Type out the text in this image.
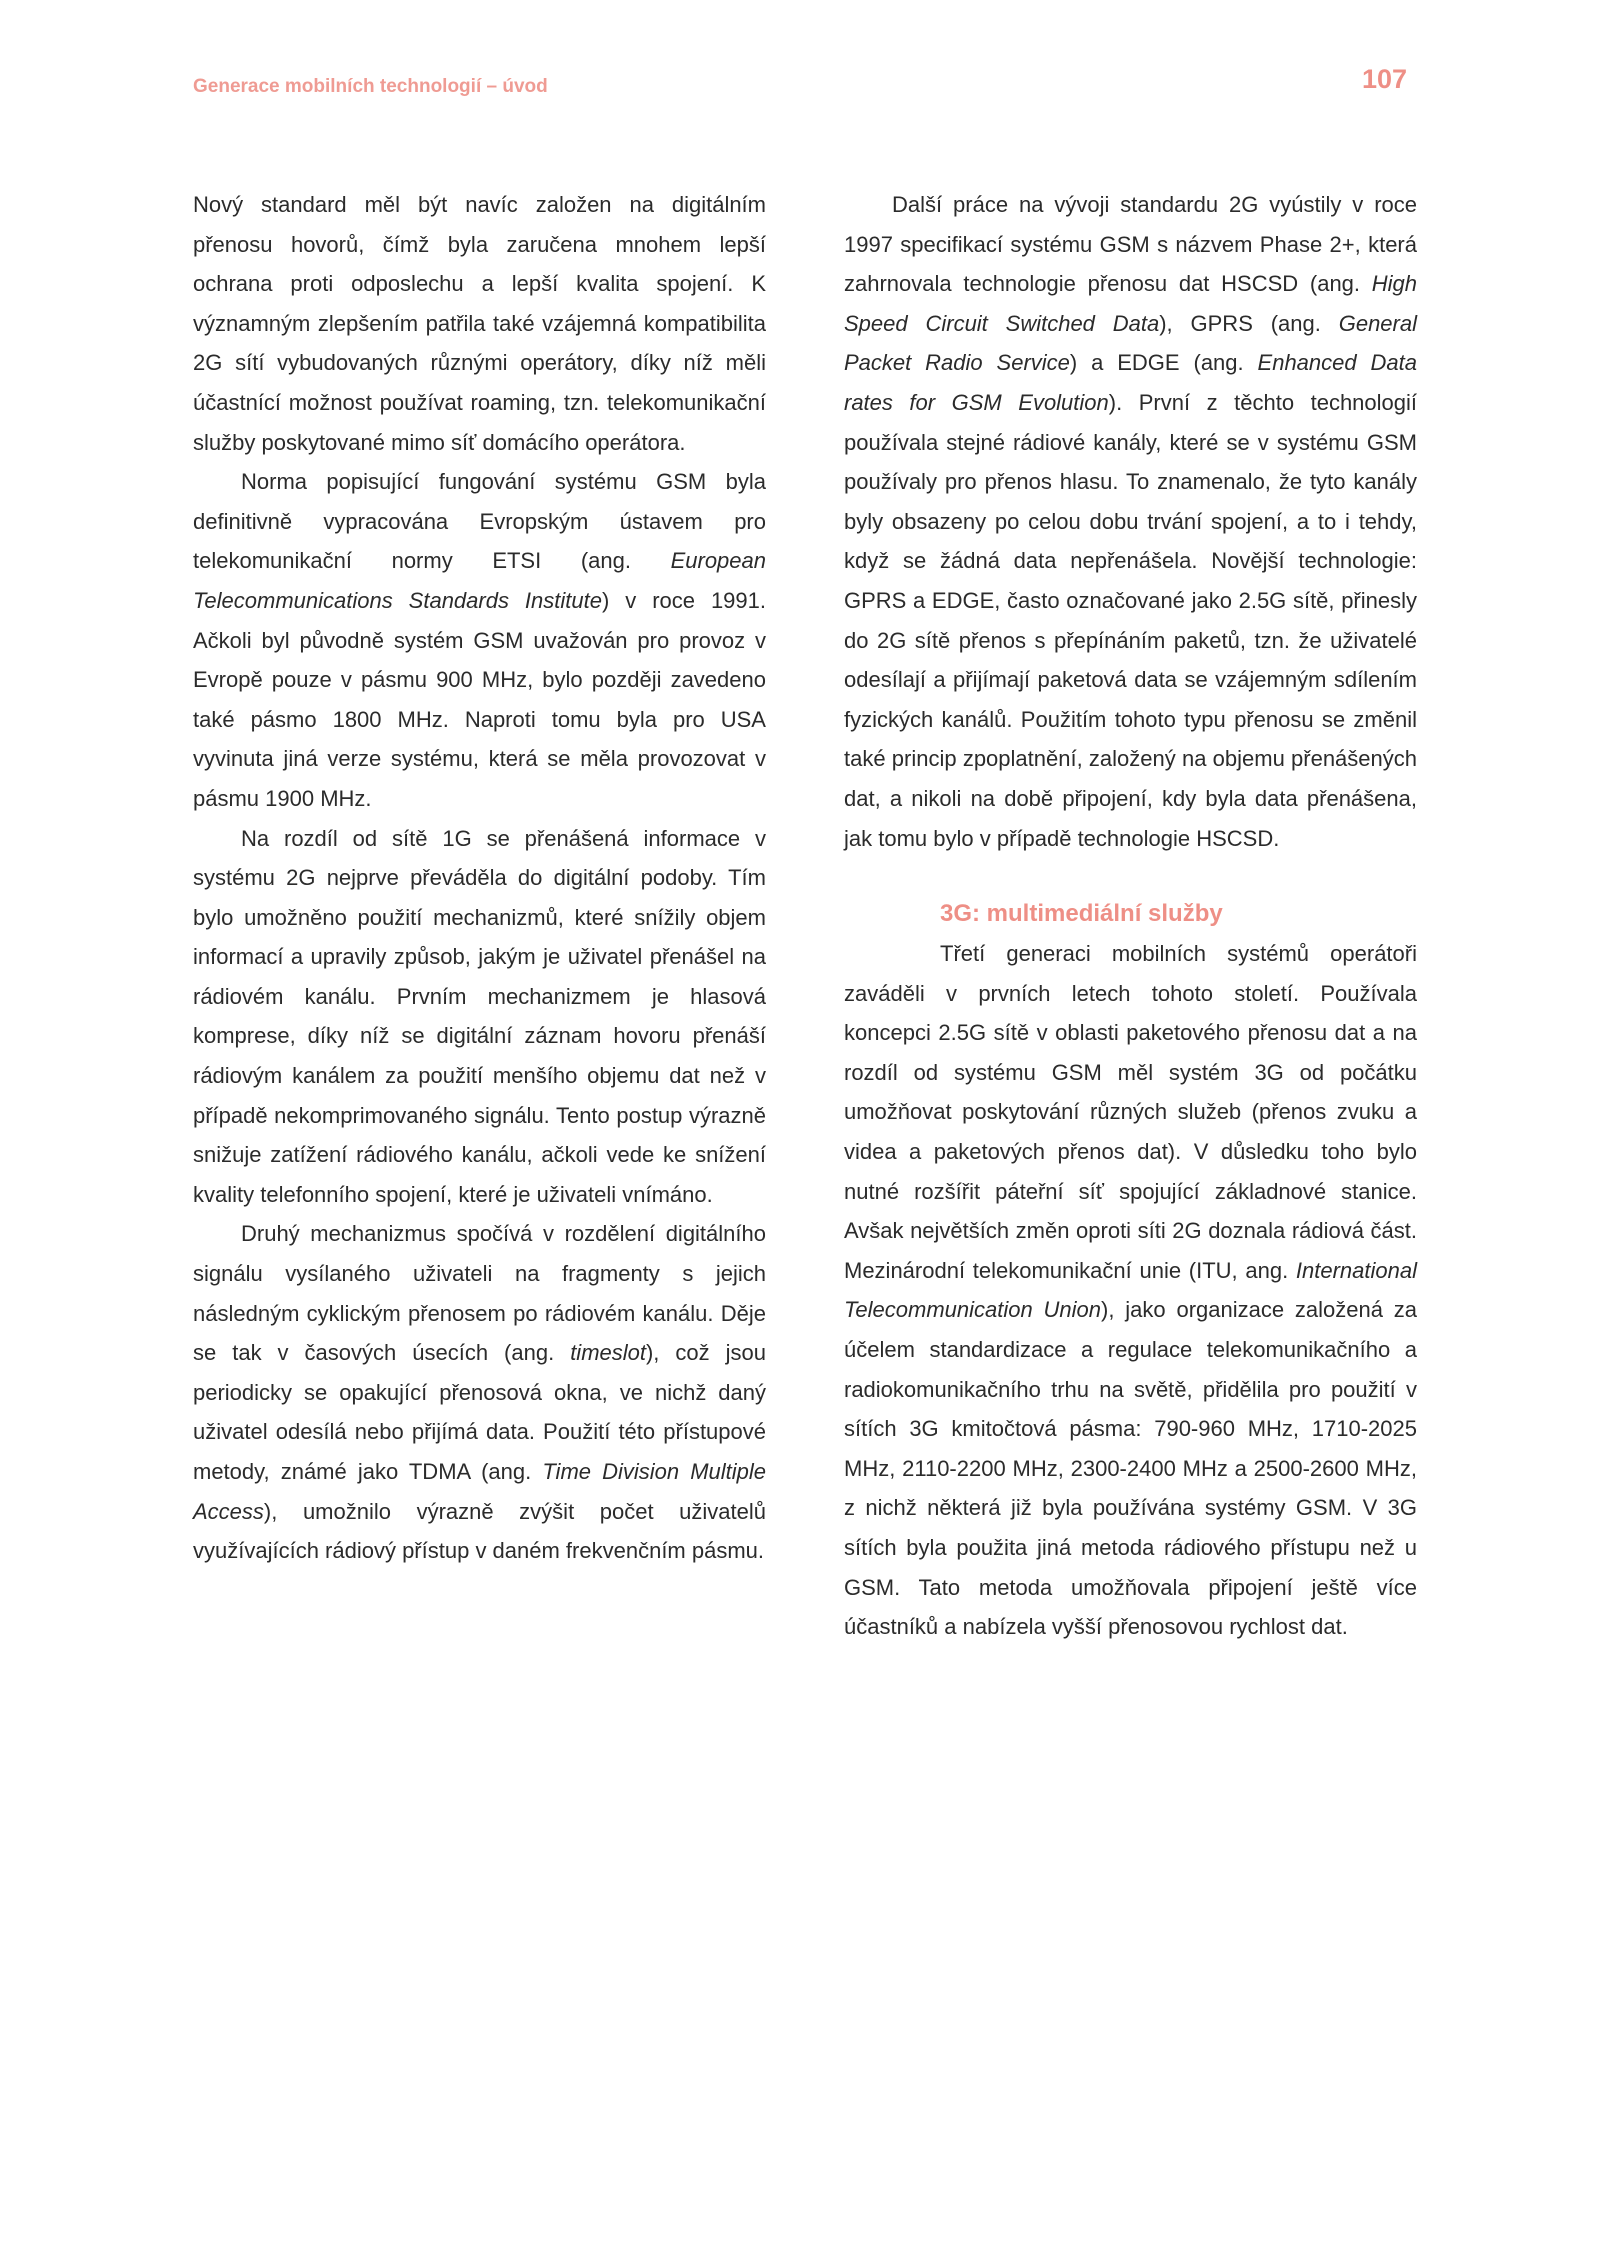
Generace mobilních technologií – úvod	107

Nový standard měl být navíc založen na digitálním přenosu hovorů, čímž byla zaručena mnohem lepší ochrana proti odposlechu a lepší kvalita spojení. K významným zlepšením patřila také vzájemná kompatibilita 2G sítí vybudovaných různými operátory, díky níž měli účastnící možnost používat roaming, tzn. telekomunikační služby poskytované mimo síť domácího operátora.

Norma popisující fungování systému GSM byla definitivně vypracována Evropským ústavem pro telekomunikační normy ETSI (ang. European Telecommunications Standards Institute) v roce 1991. Ačkoli byl původně systém GSM uvažován pro provoz v Evropě pouze v pásmu 900 MHz, bylo později zavedeno také pásmo 1800 MHz. Naproti tomu byla pro USA vyvinuta jiná verze systému, která se měla provozovat v pásmu 1900 MHz.

Na rozdíl od sítě 1G se přenášená informace v systému 2G nejprve převáděla do digitální podoby. Tím bylo umožněno použití mechanizmů, které snížily objem informací a upravily způsob, jakým je uživatel přenášel na rádiovém kanálu. Prvním mechanizmem je hlasová komprese, díky níž se digitální záznam hovoru přenáší rádiovým kanálem za použití menšího objemu dat než v případě nekomprimovaného signálu. Tento postup výrazně snižuje zatížení rádiového kanálu, ačkoli vede ke snížení kvality telefonního spojení, které je uživateli vnímáno.

Druhý mechanizmus spočívá v rozdělení digitálního signálu vysílaného uživateli na fragmenty s jejich následným cyklickým přenosem po rádiovém kanálu. Děje se tak v časových úsecích (ang. timeslot), což jsou periodicky se opakující přenosová okna, ve nichž daný uživatel odesílá nebo přijímá data. Použití této přístupové metody, známé jako TDMA (ang. Time Division Multiple Access), umožnilo výrazně zvýšit počet uživatelů využívajících rádiový přístup v daném frekvenčním pásmu.

Další práce na vývoji standardu 2G vyústily v roce 1997 specifikací systému GSM s názvem Phase 2+, která zahrnovala technologie přenosu dat HSCSD (ang. High Speed Circuit Switched Data), GPRS (ang. General Packet Radio Service) a EDGE (ang. Enhanced Data rates for GSM Evolution). První z těchto technologií používala stejné rádiové kanály, které se v systému GSM používaly pro přenos hlasu. To znamenalo, že tyto kanály byly obsazeny po celou dobu trvání spojení, a to i tehdy, když se žádná data nepřenášela. Novější technologie: GPRS a EDGE, často označované jako 2.5G sítě, přinesly do 2G sítě přenos s přepínáním paketů, tzn. že uživatelé odesílají a přijímají paketová data se vzájemným sdílením fyzických kanálů. Použitím tohoto typu přenosu se změnil také princip zpoplatnění, založený na objemu přenášených dat, a nikoli na době připojení, kdy byla data přenášena, jak tomu bylo v případě technologie HSCSD.

3G: multimediální služby

Třetí generaci mobilních systémů operátoři zaváděli v prvních letech tohoto století. Používala koncepci 2.5G sítě v oblasti paketového přenosu dat a na rozdíl od systému GSM měl systém 3G od počátku umožňovat poskytování různých služeb (přenos zvuku a videa a paketových přenos dat). V důsledku toho bylo nutné rozšířit páteřní síť spojující základnové stanice. Avšak největších změn oproti síti 2G doznala rádiová část. Mezinárodní telekomunikační unie (ITU, ang. International Telecommunication Union), jako organizace založená za účelem standardizace a regulace telekomunikačního a radiokomunikačního trhu na světě, přidělila pro použití v sítích 3G kmitočtová pásma: 790-960 MHz, 1710-2025 MHz, 2110-2200 MHz, 2300-2400 MHz a 2500-2600 MHz, z nichž některá již byla používána systémy GSM. V 3G sítích byla použita jiná metoda rádiového přístupu než u GSM. Tato metoda umožňovala připojení ještě více účastníků a nabízela vyšší přenosovou rychlost dat.
